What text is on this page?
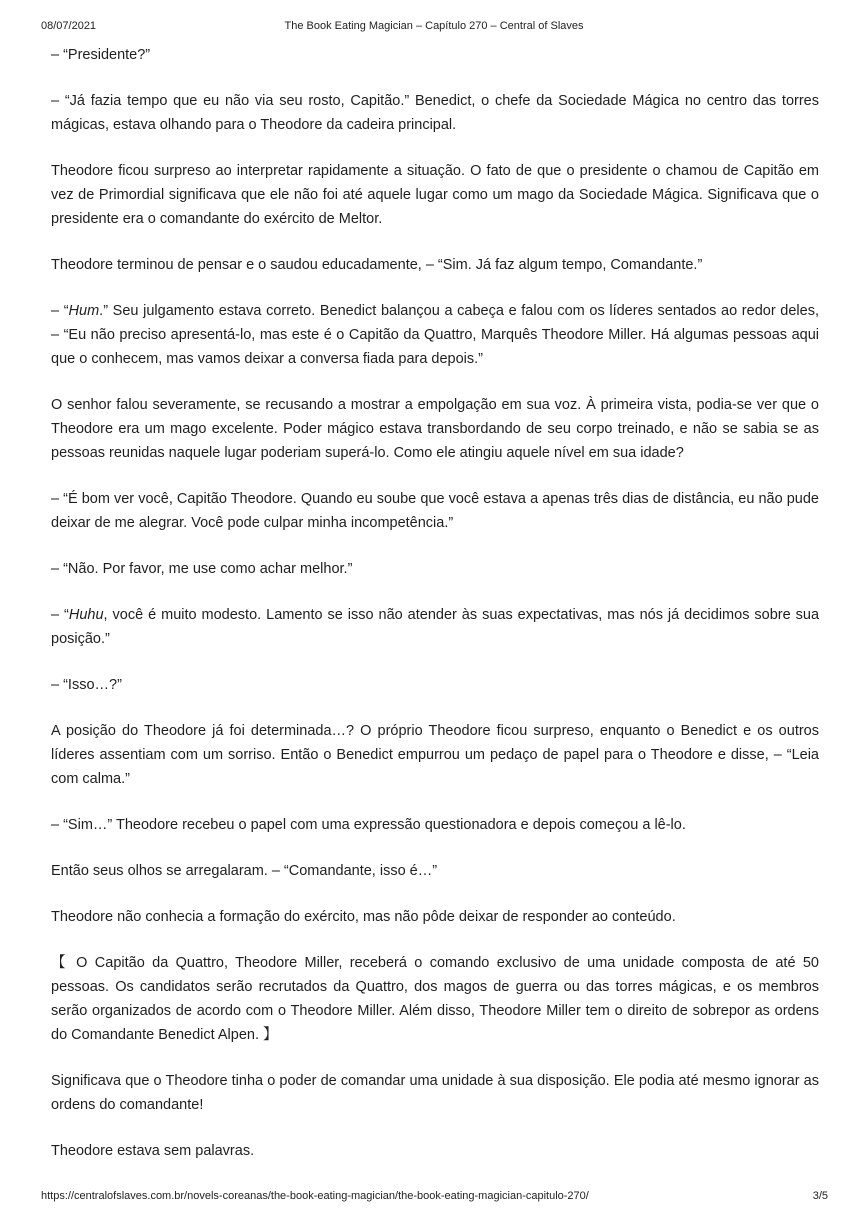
08/07/2021	The Book Eating Magician – Capítulo 270 – Central of Slaves

– “Presidente?”

– “Já fazia tempo que eu não via seu rosto, Capitão.” Benedict, o chefe da Sociedade Mágica no centro das torres mágicas, estava olhando para o Theodore da cadeira principal.

Theodore ficou surpreso ao interpretar rapidamente a situação. O fato de que o presidente o chamou de Capitão em vez de Primordial significava que ele não foi até aquele lugar como um mago da Sociedade Mágica. Significava que o presidente era o comandante do exército de Meltor.

Theodore terminou de pensar e o saudou educadamente, – “Sim. Já faz algum tempo, Comandante.”

– “Hum.” Seu julgamento estava correto. Benedict balançou a cabeça e falou com os líderes sentados ao redor deles, – “Eu não preciso apresentá-lo, mas este é o Capitão da Quattro, Marquês Theodore Miller. Há algumas pessoas aqui que o conhecem, mas vamos deixar a conversa fiada para depois.”

O senhor falou severamente, se recusando a mostrar a empolgação em sua voz. À primeira vista, podia-se ver que o Theodore era um mago excelente. Poder mágico estava transbordando de seu corpo treinado, e não se sabia se as pessoas reunidas naquele lugar poderiam superá-lo. Como ele atingiu aquele nível em sua idade?

– “É bom ver você, Capitão Theodore. Quando eu soube que você estava a apenas três dias de distância, eu não pude deixar de me alegrar. Você pode culpar minha incompetência.”

– “Não. Por favor, me use como achar melhor.”

– “Huhu, você é muito modesto. Lamento se isso não atender às suas expectativas, mas nós já decidimos sobre sua posição.”

– “Isso…?”

A posição do Theodore já foi determinada…? O próprio Theodore ficou surpreso, enquanto o Benedict e os outros líderes assentiam com um sorriso. Então o Benedict empurrou um pedaço de papel para o Theodore e disse, – “Leia com calma.”

– “Sim…” Theodore recebeu o papel com uma expressão questionadora e depois começou a lê-lo.

Então seus olhos se arregalaram. – “Comandante, isso é…”

Theodore não conhecia a formação do exército, mas não pôde deixar de responder ao conteúdo.

【 O Capitão da Quattro, Theodore Miller, receberá o comando exclusivo de uma unidade composta de até 50 pessoas. Os candidatos serão recrutados da Quattro, dos magos de guerra ou das torres mágicas, e os membros serão organizados de acordo com o Theodore Miller. Além disso, Theodore Miller tem o direito de sobrepor as ordens do Comandante Benedict Alpen. 】

Significava que o Theodore tinha o poder de comandar uma unidade à sua disposição. Ele podia até mesmo ignorar as ordens do comandante!

Theodore estava sem palavras.

https://centralofslaves.com.br/novels-coreanas/the-book-eating-magician/the-book-eating-magician-capitulo-270/	3/5
